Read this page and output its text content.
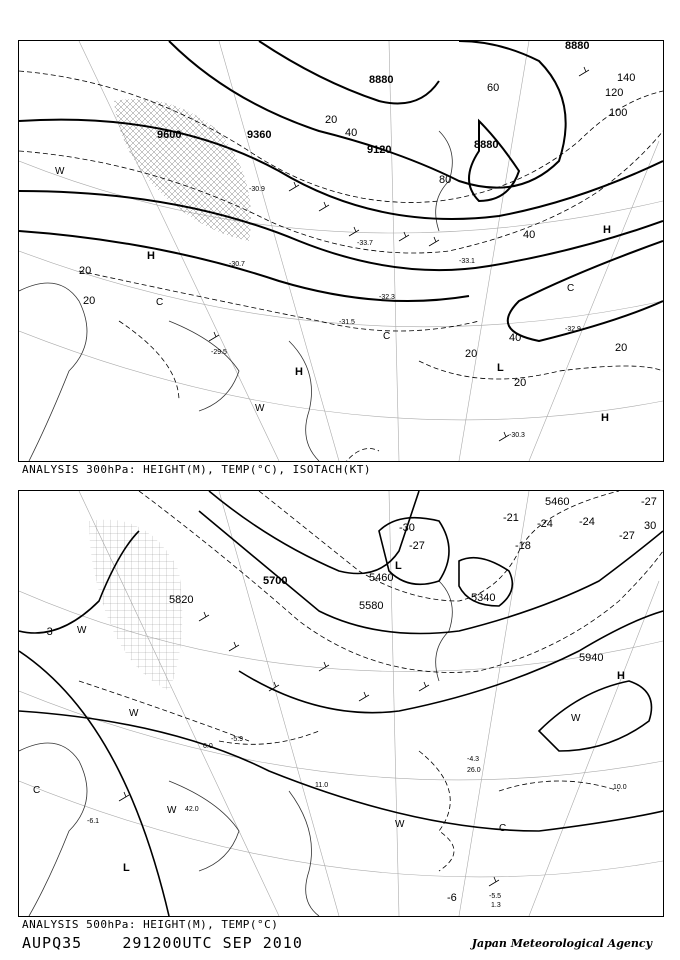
9600	9360
9120
8880
8880
8880
20
40
60
80
100
120
140
20
40
20
20
20
40
20
-30.9
-33.7
-31.5
-30.7
-32.3
-29.5
-30.3
-32.9
-33.1
H
H
H
H
L
C
C
C
W
W
ANALYSIS 300hPa: HEIGHT(M), TEMP(°C), ISOTACH(KT)
5460
5700
5820	5580
5460
5340
5940
-27
-30
-27
-24
-21
-18
-24
-27
-6
-3
30
-5.5
-6.1
-4.3
-5.9
1.3
10.0
26.0
42.0
6.0
11.0
L
L
H
W
W
W
W
W
C
C
ANALYSIS 500hPa: HEIGHT(M), TEMP(°C)
AUPQ35	291200UTC SEP 2010	Japan Meteorological Agency
